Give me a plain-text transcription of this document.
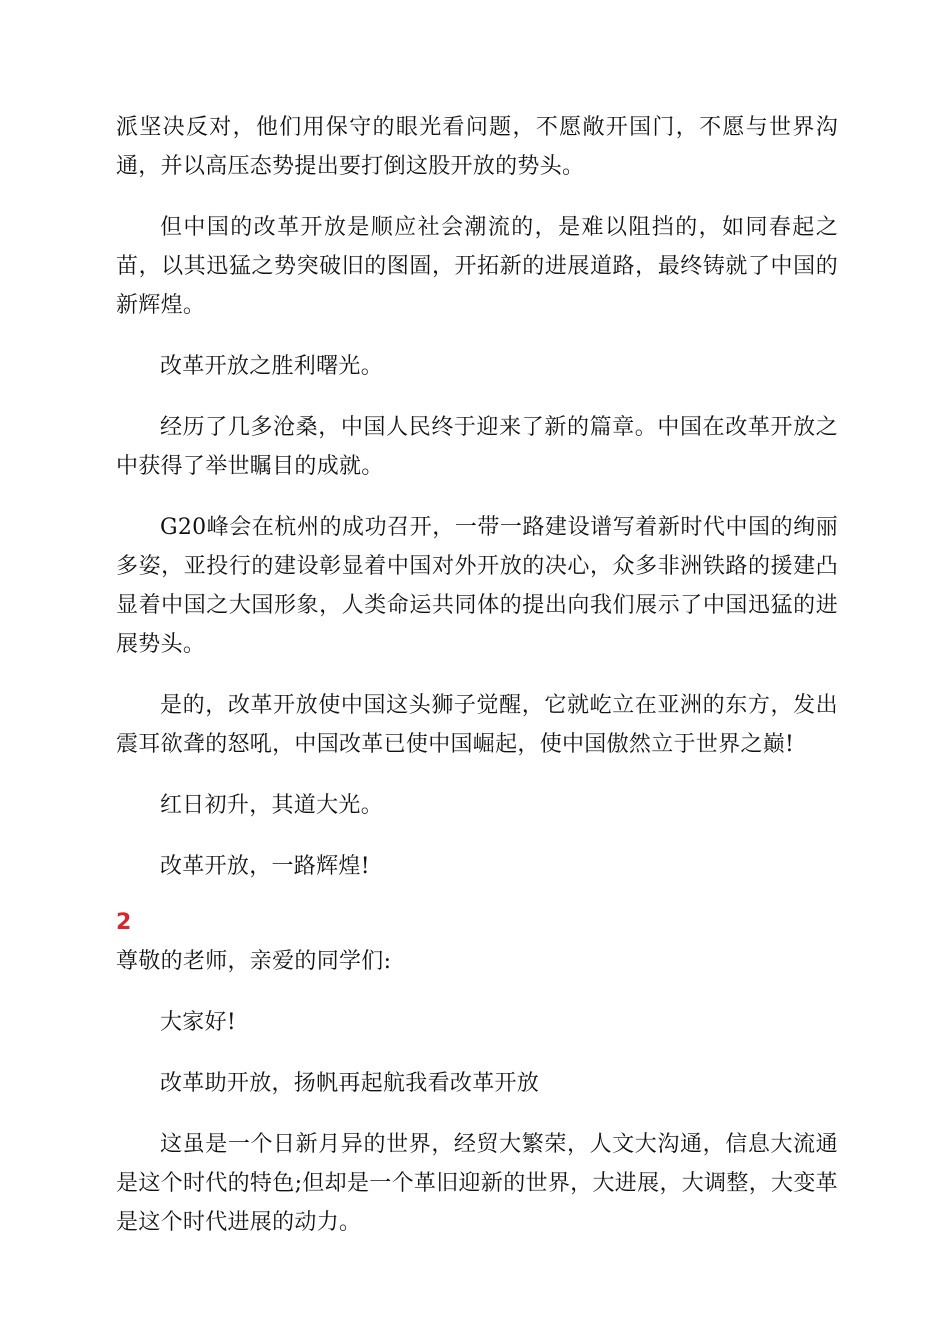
派坚决反对，他们用保守的眼光看问题，不愿敞开国门，不愿与世界沟通，并以高压态势提出要打倒这股开放的势头。

但中国的改革开放是顺应社会潮流的，是难以阻挡的，如同春起之苗，以其迅猛之势突破旧的图圄，开拓新的进展道路，最终铸就了中国的新辉煌。

改革开放之胜利曙光。

经历了几多沧桑，中国人民终于迎来了新的篇章。中国在改革开放之中获得了举世瞩目的成就。

G20峰会在杭州的成功召开，一带一路建设谱写着新时代中国的绚丽多姿，亚投行的建设彰显着中国对外开放的决心，众多非洲铁路的援建凸显着中国之大国形象，人类命运共同体的提出向我们展示了中国迅猛的进展势头。

是的，改革开放使中国这头狮子觉醒，它就屹立在亚洲的东方，发出震耳欲聋的怒吼，中国改革已使中国崛起，使中国傲然立于世界之巅!

红日初升，其道大光。

改革开放，一路辉煌!

2

尊敬的老师，亲爱的同学们:

大家好!

改革助开放，扬帆再起航我看改革开放

这虽是一个日新月异的世界，经贸大繁荣，人文大沟通，信息大流通是这个时代的特色;但却是一个革旧迎新的世界，大进展，大调整，大变革是这个时代进展的动力。
